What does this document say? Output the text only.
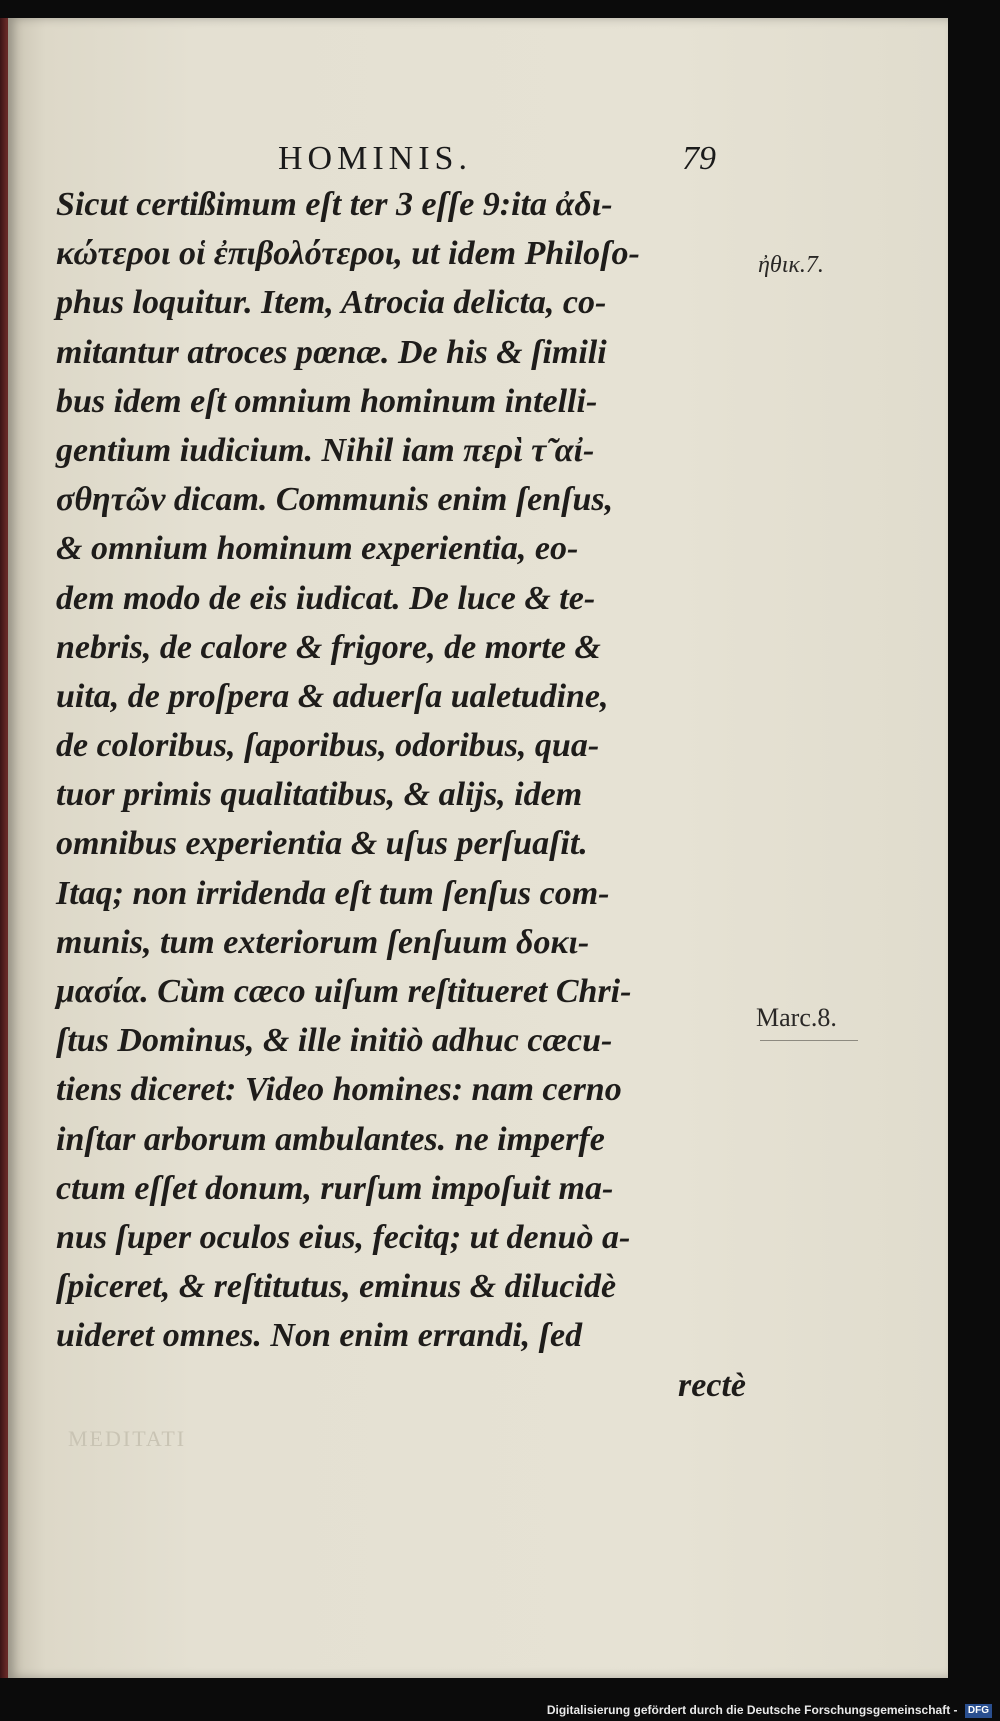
HOMINIS.	79
Sicut certißimum eſt ter 3 eſſe 9:ita ἀδι‑
κώτεροι οἱ ἐπιβολότεροι, ut idem Philoſo‑
phus loquitur. Item, Atrocia delicta, co‑
mitantur atroces pœnæ. De his & ſimili
bus idem eſt omnium hominum intelli‑
gentium iudicium. Nihil iam περὶ τ̃ αἰ‑
σθητῶν dicam. Communis enim ſenſus,
& omnium hominum experientia, eo‑
dem modo de eis iudicat. De luce & te‑
nebris, de calore & frigore, de morte &
uita, de proſpera & aduerſa ualetudine,
de coloribus, ſaporibus, odoribus, qua‑
tuor primis qualitatibus, & alijs, idem
omnibus experientia & uſus perſuaſit.
Itaq; non irridenda eſt tum ſenſus com‑
munis, tum exteriorum ſenſuum δοκι‑
μασία. Cùm cæco uiſum reſtitueret Chri‑
ſtus Dominus, & ille initiò adhuc cæcu‑
tiens diceret: Video homines: nam cerno
inſtar arborum ambulantes. ne imperfe
ctum eſſet donum, rurſum impoſuit ma‑
nus ſuper oculos eius, fecitq; ut denuò a‑
ſpiceret, & reſtitutus, eminus & dilucidè
uideret omnes. Non enim errandi, ſed
rectè
ἠθικ.7.
Marc.8.
MEDITATI
Digitalisierung gefördert durch die Deutsche Forschungsgemeinschaft - DFG
